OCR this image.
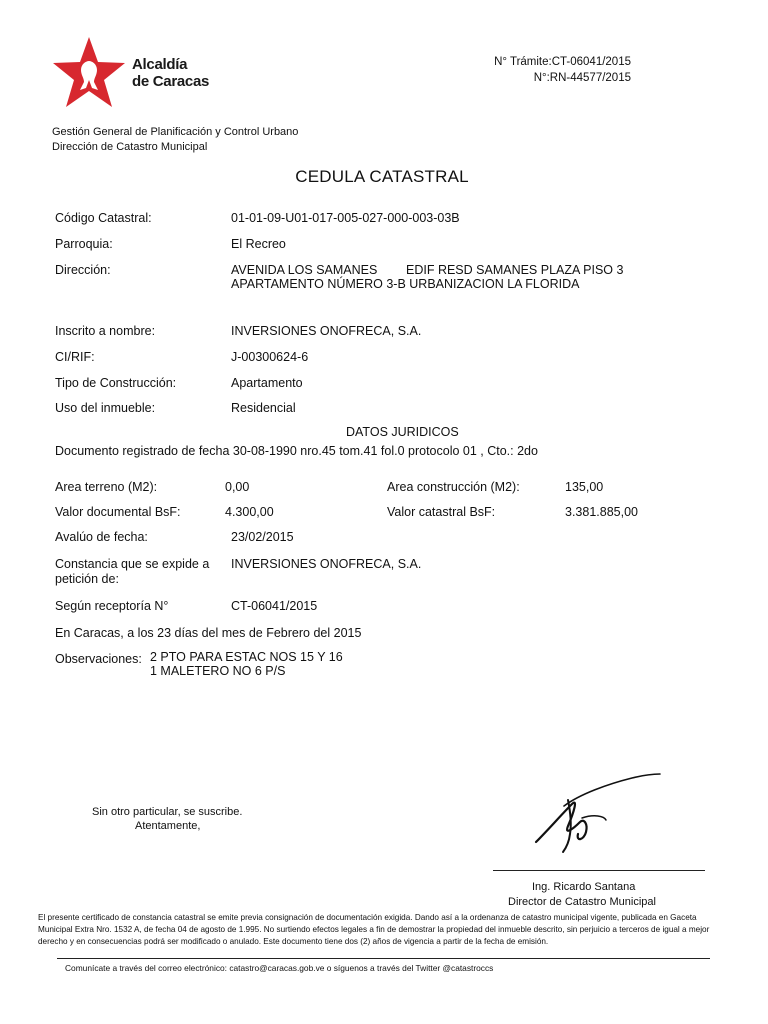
Alcaldía
de Caracas
N° Trámite:CT-06041/2015
N°:RN-44577/2015
Gestión General de Planificación y Control Urbano
Dirección de Catastro Municipal
CEDULA CATASTRAL
Código Catastral:	01-01-09-U01-017-005-027-000-003-03B
Parroquia:	El Recreo
Dirección:	AVENIDA LOS SAMANES EDIF RESD SAMANES PLAZA PISO 3
APARTAMENTO NÚMERO 3-B URBANIZACION LA FLORIDA
Inscrito a nombre:	INVERSIONES ONOFRECA, S.A.
CI/RIF:	J-00300624-6
Tipo de Construcción:	Apartamento
Uso del inmueble:	Residencial
DATOS JURIDICOS
Documento registrado de fecha 30-08-1990 nro.45 tom.41 fol.0 protocolo 01 , Cto.: 2do
Area terreno (M2):	0,00	Area construcción (M2):	135,00
Valor documental BsF:	4.300,00	Valor catastral BsF:	3.381.885,00
Avalúo de fecha:	23/02/2015
Constancia que se expide a
petición de:
INVERSIONES ONOFRECA, S.A.
Según receptoría N°	CT-06041/2015
En Caracas, a los 23 días del mes de Febrero del 2015
Observaciones: 2 PTO PARA ESTAC NOS 15 Y 16
1 MALETERO NO 6 P/S
Sin otro particular, se suscribe.
Atentamente,
Ing. Ricardo Santana
Director de Catastro Municipal
El presente certificado de constancia catastral se emite previa consignación de documentación exigida. Dando así a la ordenanza de catastro municipal vigente, publicada en Gaceta Municipal Extra Nro. 1532 A, de fecha 04 de agosto de 1.995. No surtiendo efectos legales a fin de demostrar la propiedad del inmueble descrito, sin perjuicio a terceros de igual a mejor derecho y en consecuencias podrá ser modificado o anulado. Este documento tiene dos (2) años de vigencia a partir de la fecha de emisión.
Comunícate a través del correo electrónico: catastro@caracas.gob.ve o síguenos a través del Twitter @catastroccs
